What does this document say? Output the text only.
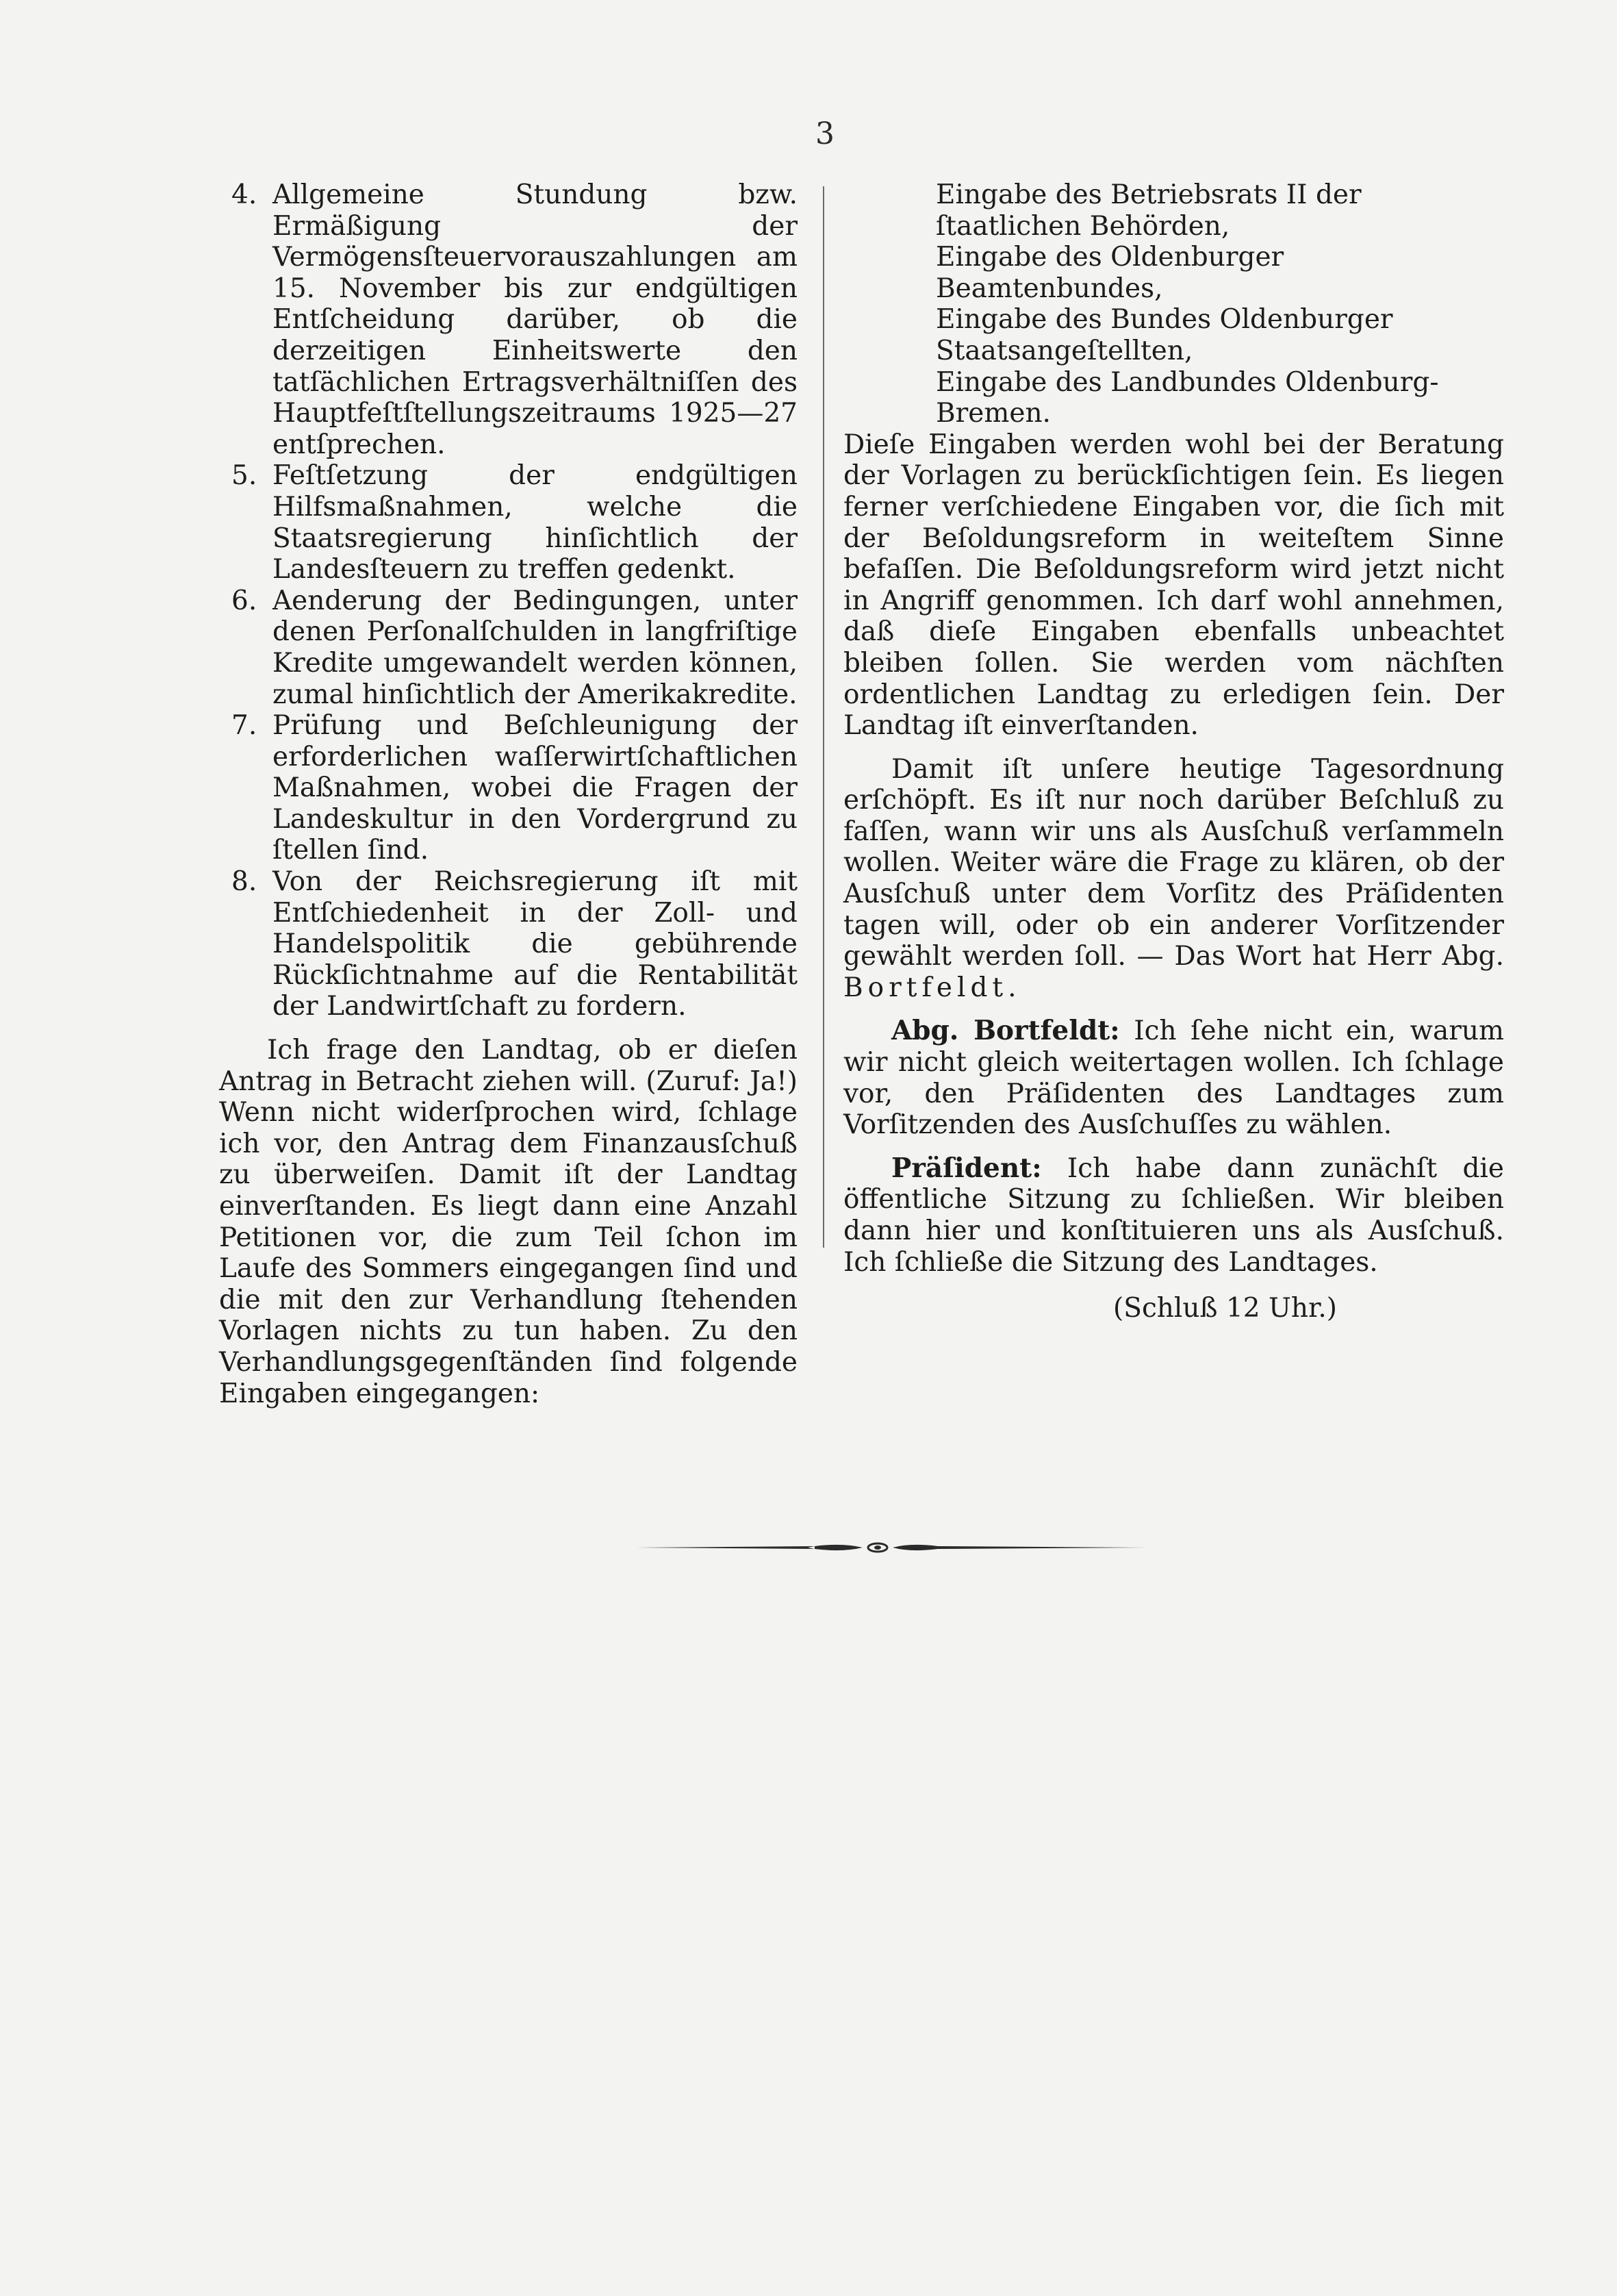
3
4. Allgemeine Stundung bzw. Ermäßigung der Vermögensſteuervorauszahlungen am 15. November bis zur endgültigen Entſcheidung darüber, ob die derzeitigen Einheitswerte den tatſächlichen Ertragsverhältniſſen des Hauptfeſtſtellungszeitraums 1925—27 entſprechen.
5. Feſtſetzung der endgültigen Hilfsmaßnahmen, welche die Staatsregierung hinſichtlich der Landesſteuern zu treffen gedenkt.
6. Aenderung der Bedingungen, unter denen Perſonalſchulden in langfriſtige Kredite umgewandelt werden können, zumal hinſichtlich der Amerikakredite.
7. Prüfung und Beſchleunigung der erforderlichen waſſerwirtſchaftlichen Maßnahmen, wobei die Fragen der Landeskultur in den Vordergrund zu ſtellen ſind.
8. Von der Reichsregierung iſt mit Entſchiedenheit in der Zoll- und Handelspolitik die gebührende Rückſichtnahme auf die Rentabilität der Landwirtſchaft zu fordern.

Ich frage den Landtag, ob er dieſen Antrag in Betracht ziehen will. (Zuruf: Ja!) Wenn nicht widerſprochen wird, ſchlage ich vor, den Antrag dem Finanzausſchuß zu überweiſen. Damit iſt der Landtag einverſtanden. Es liegt dann eine Anzahl Petitionen vor, die zum Teil ſchon im Laufe des Sommers eingegangen ſind und die mit den zur Verhandlung ſtehenden Vorlagen nichts zu tun haben. Zu den Verhandlungsgegenſtänden ſind folgende Eingaben eingegangen:

Eingabe des Betriebsrats II der ſtaatlichen Behörden,

Eingabe des Oldenburger Beamtenbundes,

Eingabe des Bundes Oldenburger Staatsangeſtellten,

Eingabe des Landbundes Oldenburg-Bremen.

Dieſe Eingaben werden wohl bei der Beratung der Vorlagen zu berückſichtigen ſein. Es liegen ferner verſchiedene Eingaben vor, die ſich mit der Beſoldungsreform in weiteſtem Sinne befaſſen. Die Beſoldungsreform wird jetzt nicht in Angriff genommen. Ich darf wohl annehmen, daß dieſe Eingaben ebenfalls unbeachtet bleiben ſollen. Sie werden vom nächſten ordentlichen Landtag zu erledigen ſein. Der Landtag iſt einverſtanden.

Damit iſt unſere heutige Tagesordnung erſchöpft. Es iſt nur noch darüber Beſchluß zu faſſen, wann wir uns als Ausſchuß verſammeln wollen. Weiter wäre die Frage zu klären, ob der Ausſchuß unter dem Vorſitz des Präſidenten tagen will, oder ob ein anderer Vorſitzender gewählt werden ſoll. — Das Wort hat Herr Abg. Bortfeldt.

Abg. Bortfeldt: Ich ſehe nicht ein, warum wir nicht gleich weitertagen wollen. Ich ſchlage vor, den Präſidenten des Landtages zum Vorſitzenden des Ausſchuſſes zu wählen.

Präſident: Ich habe dann zunächſt die öffentliche Sitzung zu ſchließen. Wir bleiben dann hier und konſtituieren uns als Ausſchuß. Ich ſchließe die Sitzung des Landtages.

(Schluß 12 Uhr.)
